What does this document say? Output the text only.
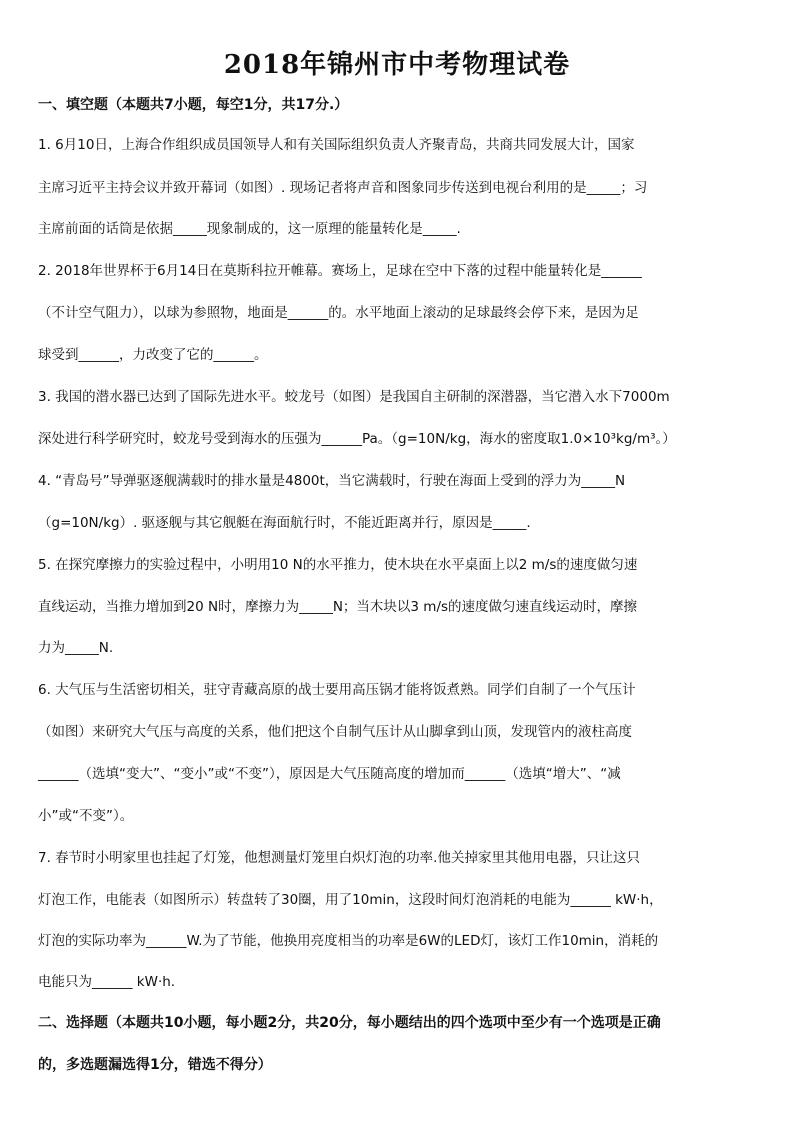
2018年锦州市中考物理试卷
一、填空题（本题共7小题，每空1分，共17分.）
1. 6月10日，上海合作组织成员国领导人和有关国际组织负责人齐聚青岛，共商共同发展大计，国家
主席习近平主持会议并致开幕词（如图）. 现场记者将声音和图象同步传送到电视台利用的是_____；习
主席前面的话筒是依据_____现象制成的，这一原理的能量转化是_____.
2. 2018年世界杯于6月14日在莫斯科拉开帷幕。赛场上，足球在空中下落的过程中能量转化是______
（不计空气阻力），以球为参照物，地面是______的。水平地面上滚动的足球最终会停下来，是因为足
球受到______，力改变了它的______。
3. 我国的潜水器已达到了国际先进水平。蛟龙号（如图）是我国自主研制的深潜器，当它潜入水下7000m
深处进行科学研究时，蛟龙号受到海水的压强为______Pa。（g=10N/kg，海水的密度取1.0×10³kg/m³。）
4. “青岛号”导弹驱逐舰满载时的排水量是4800t，当它满载时，行驶在海面上受到的浮力为_____N
（g=10N/kg）. 驱逐舰与其它舰艇在海面航行时，不能近距离并行，原因是_____.
5. 在探究摩擦力的实验过程中，小明用10 N的水平推力，使木块在水平桌面上以2 m/s的速度做匀速
直线运动，当推力增加到20 N时，摩擦力为_____N；当木块以3 m/s的速度做匀速直线运动时，摩擦
力为_____N.
6. 大气压与生活密切相关，驻守青藏高原的战士要用高压锅才能将饭煮熟。同学们自制了一个气压计
（如图）来研究大气压与高度的关系，他们把这个自制气压计从山脚拿到山顶，发现管内的液柱高度
______（选填“变大”、“变小”或“不变”），原因是大气压随高度的增加而______（选填“增大”、“减
小”或“不变”）。
7. 春节时小明家里也挂起了灯笼，他想测量灯笼里白炽灯泡的功率.他关掉家里其他用电器，只让这只
灯泡工作，电能表（如图所示）转盘转了30圈，用了10min，这段时间灯泡消耗的电能为______ kW·h，
灯泡的实际功率为______W.为了节能，他换用亮度相当的功率是6W的LED灯，该灯工作10min，消耗的
电能只为______ kW·h.
二、选择题（本题共10小题，每小题2分，共20分，每小题结出的四个选项中至少有一个选项是正确
的，多选题漏选得1分，错选不得分）
